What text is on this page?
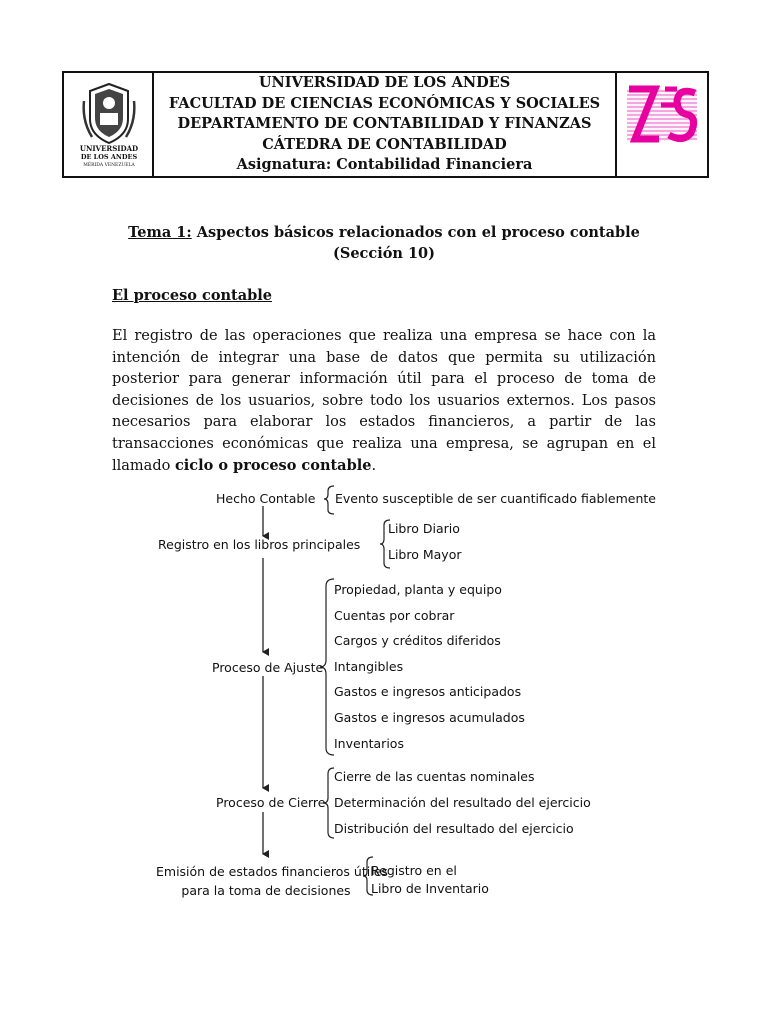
UNIVERSIDAD
DE LOS ANDES
MÉRIDA VENEZUELA
UNIVERSIDAD DE LOS ANDES
FACULTAD DE CIENCIAS ECONÓMICAS Y SOCIALES
DEPARTAMENTO DE CONTABILIDAD Y FINANZAS
CÁTEDRA DE CONTABILIDAD
Asignatura: Contabilidad Financiera
Tema 1: Aspectos básicos relacionados con el proceso contable
(Sección 10)
El proceso contable
El registro de las operaciones que realiza una empresa se hace con la intención de integrar una base de datos que permita su utilización posterior para generar información útil para el proceso de toma de decisiones de los usuarios, sobre todo los usuarios externos. Los pasos necesarios para elaborar los estados financieros, a partir de las transacciones económicas que realiza una empresa, se agrupan en el llamado ciclo o proceso contable.
Hecho Contable
Registro en los libros principales
Proceso de Ajuste
Proceso de Cierre
Emisión de estados financieros útiles
para la toma de decisiones
Evento susceptible de ser cuantificado fiablemente
Libro Diario
Libro Mayor
Propiedad, planta y equipo
Cuentas por cobrar
Cargos y créditos diferidos
Intangibles
Gastos e ingresos anticipados
Gastos e ingresos acumulados
Inventarios
Cierre de las cuentas nominales
Determinación del resultado del ejercicio
Distribución del resultado del ejercicio
Registro en el
Libro de Inventario
